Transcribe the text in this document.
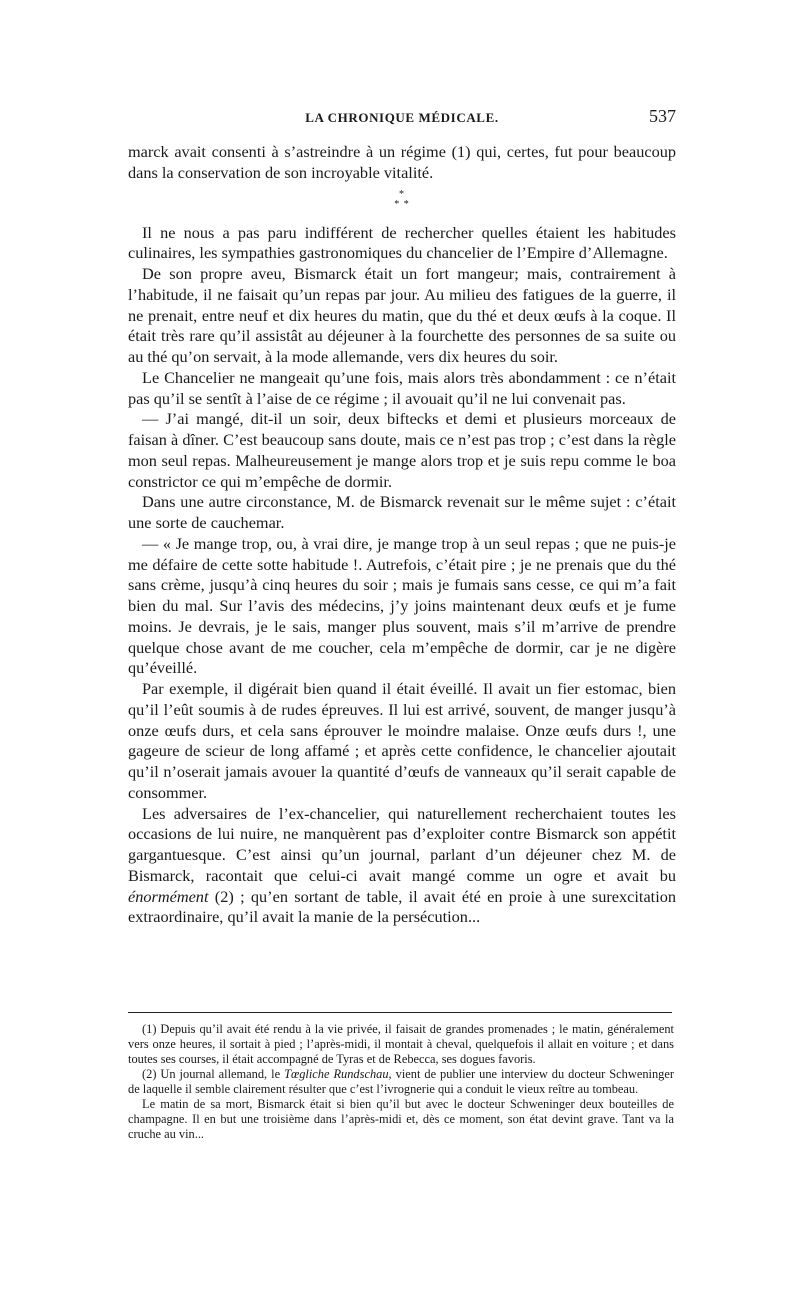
LA CHRONIQUE MÉDICALE.	537

marck avait consenti à s’astreindre à un régime (1) qui, certes, fut pour beaucoup dans la conservation de son incroyable vitalité.

*
* *

Il ne nous a pas paru indifférent de rechercher quelles étaient les habitudes culinaires, les sympathies gastronomiques du chancelier de l’Empire d’Allemagne.

De son propre aveu, Bismarck était un fort mangeur; mais, contrairement à l’habitude, il ne faisait qu’un repas par jour. Au milieu des fatigues de la guerre, il ne prenait, entre neuf et dix heures du matin, que du thé et deux œufs à la coque. Il était très rare qu’il assistât au déjeuner à la fourchette des personnes de sa suite ou au thé qu’on servait, à la mode allemande, vers dix heures du soir.

Le Chancelier ne mangeait qu’une fois, mais alors très abondamment : ce n’était pas qu’il se sentît à l’aise de ce régime ; il avouait qu’il ne lui convenait pas.

— J’ai mangé, dit-il un soir, deux biftecks et demi et plusieurs morceaux de faisan à dîner. C’est beaucoup sans doute, mais ce n’est pas trop ; c’est dans la règle mon seul repas. Malheureusement je mange alors trop et je suis repu comme le boa constrictor ce qui m’empêche de dormir.

Dans une autre circonstance, M. de Bismarck revenait sur le même sujet : c’était une sorte de cauchemar.

— « Je mange trop, ou, à vrai dire, je mange trop à un seul repas ; que ne puis-je me défaire de cette sotte habitude !. Autrefois, c’était pire ; je ne prenais que du thé sans crème, jusqu’à cinq heures du soir ; mais je fumais sans cesse, ce qui m’a fait bien du mal. Sur l’avis des médecins, j’y joins maintenant deux œufs et je fume moins. Je devrais, je le sais, manger plus souvent, mais s’il m’arrive de prendre quelque chose avant de me coucher, cela m’empêche de dormir, car je ne digère qu’éveillé.

Par exemple, il digérait bien quand il était éveillé. Il avait un fier estomac, bien qu’il l’eût soumis à de rudes épreuves. Il lui est arrivé, souvent, de manger jusqu’à onze œufs durs, et cela sans éprouver le moindre malaise. Onze œufs durs !, une gageure de scieur de long affamé ; et après cette confidence, le chancelier ajoutait qu’il n’oserait jamais avouer la quantité d’œufs de vanneaux qu’il serait capable de consommer.

Les adversaires de l’ex-chancelier, qui naturellement recherchaient toutes les occasions de lui nuire, ne manquèrent pas d’exploiter contre Bismarck son appétit gargantuesque. C’est ainsi qu’un journal, parlant d’un déjeuner chez M. de Bismarck, racontait que celui-ci avait mangé comme un ogre et avait bu énormément (2) ; qu’en sortant de table, il avait été en proie à une surexcitation extraordinaire, qu’il avait la manie de la persécution...

(1) Depuis qu’il avait été rendu à la vie privée, il faisait de grandes promenades ; le matin, généralement vers onze heures, il sortait à pied ; l’après-midi, il montait à cheval, quelquefois il allait en voiture ; et dans toutes ses courses, il était accompagné de Tyras et de Rebecca, ses dogues favoris.

(2) Un journal allemand, le Tœgliche Rundschau, vient de publier une interview du docteur Schweninger de laquelle il semble clairement résulter que c’est l’ivrognerie qui a conduit le vieux reître au tombeau.

Le matin de sa mort, Bismarck était si bien qu’il but avec le docteur Schweninger deux bouteilles de champagne. Il en but une troisième dans l’après-midi et, dès ce moment, son état devint grave. Tant va la cruche au vin...
